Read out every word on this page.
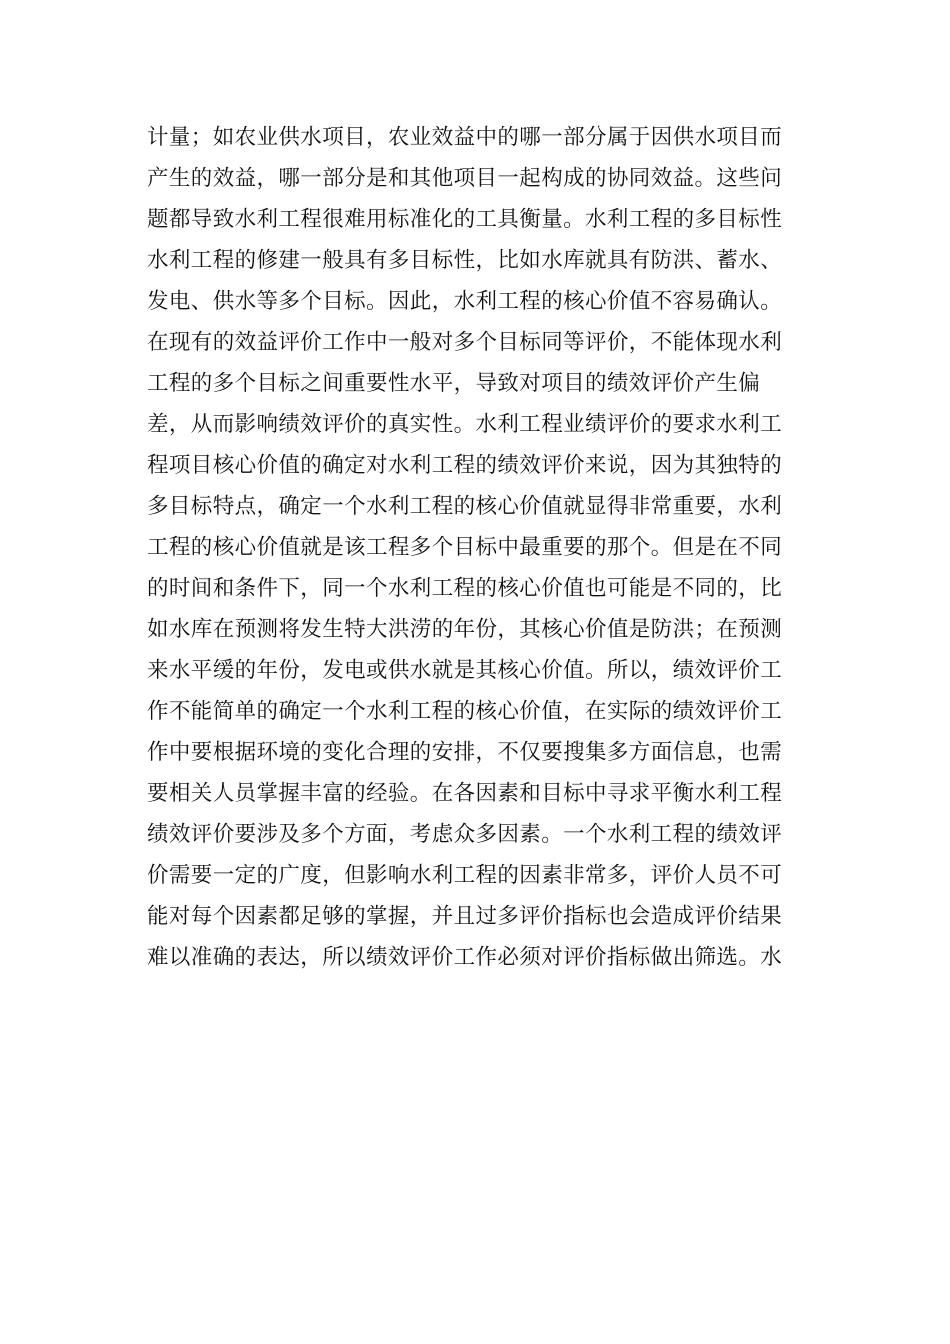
计量；如农业供水项目，农业效益中的哪一部分属于因供水项目而
产生的效益，哪一部分是和其他项目一起构成的协同效益。这些问
题都导致水利工程很难用标准化的工具衡量。水利工程的多目标性
水利工程的修建一般具有多目标性，比如水库就具有防洪、蓄水、
发电、供水等多个目标。因此，水利工程的核心价值不容易确认。
在现有的效益评价工作中一般对多个目标同等评价，不能体现水利
工程的多个目标之间重要性水平，导致对项目的绩效评价产生偏
差，从而影响绩效评价的真实性。水利工程业绩评价的要求水利工
程项目核心价值的确定对水利工程的绩效评价来说，因为其独特的
多目标特点，确定一个水利工程的核心价值就显得非常重要，水利
工程的核心价值就是该工程多个目标中最重要的那个。但是在不同
的时间和条件下，同一个水利工程的核心价值也可能是不同的，比
如水库在预测将发生特大洪涝的年份，其核心价值是防洪；在预测
来水平缓的年份，发电或供水就是其核心价值。所以，绩效评价工
作不能简单的确定一个水利工程的核心价值，在实际的绩效评价工
作中要根据环境的变化合理的安排，不仅要搜集多方面信息，也需
要相关人员掌握丰富的经验。在各因素和目标中寻求平衡水利工程
绩效评价要涉及多个方面，考虑众多因素。一个水利工程的绩效评
价需要一定的广度，但影响水利工程的因素非常多，评价人员不可
能对每个因素都足够的掌握，并且过多评价指标也会造成评价结果
难以准确的表达，所以绩效评价工作必须对评价指标做出筛选。水
